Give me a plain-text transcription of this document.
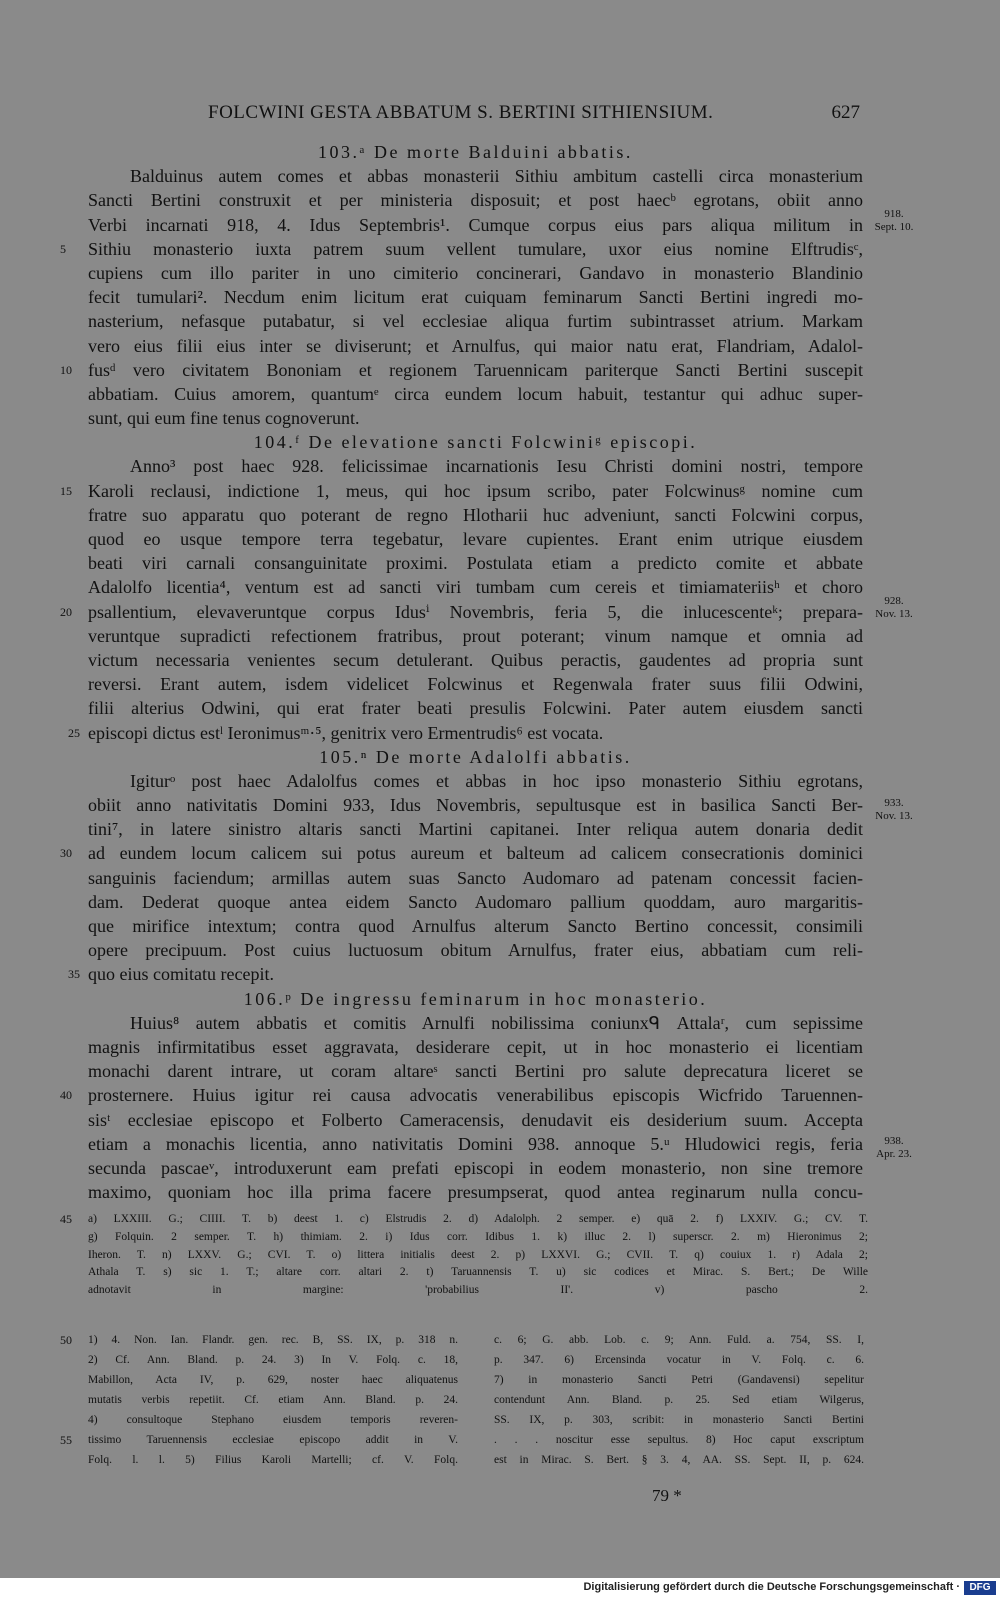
FOLCWINI GESTA ABBATUM S. BERTINI SITHIENSIUM.	627
103.ᵃ De morte Balduini abbatis.
Balduinus autem comes et abbas monasterii Sithiu ambitum castelli circa monasterium
Sancti Bertini construxit et per ministeria disposuit; et post haecᵇ egrotans, obiit anno
Verbi incarnati 918, 4. Idus Septembris¹. Cumque corpus eius pars aliqua militum in
Sithiu monasterio iuxta patrem suum vellent tumulare, uxor eius nomine Elftrudisᶜ,
5
cupiens cum illo pariter in uno cimiterio concinerari, Gandavo in monasterio Blandinio
fecit tumulari². Necdum enim licitum erat cuiquam feminarum Sancti Bertini ingredi mo-
nasterium, nefasque putabatur, si vel ecclesiae aliqua furtim subintrasset atrium. Markam
vero eius filii eius inter se diviserunt; et Arnulfus, qui maior natu erat, Flandriam, Adalol-
fusᵈ vero civitatem Bononiam et regionem Taruennicam pariterque Sancti Bertini suscepit
10
abbatiam. Cuius amorem, quantumᵉ circa eundem locum habuit, testantur qui adhuc super-
sunt, qui eum fine tenus cognoverunt.
104.ᶠ De elevatione sancti Folcwiniᵍ episcopi.
Anno³ post haec 928. felicissimae incarnationis Iesu Christi domini nostri, tempore
Karoli reclausi, indictione 1, meus, qui hoc ipsum scribo, pater Folcwinusᵍ nomine cum
15
fratre suo apparatu quo poterant de regno Hlotharii huc adveniunt, sancti Folcwini corpus,
quod eo usque tempore terra tegebatur, levare cupientes. Erant enim utrique eiusdem
beati viri carnali consanguinitate proximi. Postulata etiam a predicto comite et abbate
Adalolfo licentia⁴, ventum est ad sancti viri tumbam cum cereis et timiamateriisʰ et choro
psallentium, elevaveruntque corpus Idusⁱ Novembris, feria 5, die inlucescenteᵏ; prepara-
20
veruntque supradicti refectionem fratribus, prout poterant; vinum namque et omnia ad
victum necessaria venientes secum detulerant. Quibus peractis, gaudentes ad propria sunt
reversi. Erant autem, isdem videlicet Folcwinus et Regenwala frater suus filii Odwini,
filii alterius Odwini, qui erat frater beati presulis Folcwini. Pater autem eiusdem sancti
episcopi dictus estˡ Ieronimusᵐ·⁵, genitrix vero Ermentrudis⁶ est vocata.
25
105.ⁿ De morte Adalolfi abbatis.
Igiturᵒ post haec Adalolfus comes et abbas in hoc ipso monasterio Sithiu egrotans,
obiit anno nativitatis Domini 933, Idus Novembris, sepultusque est in basilica Sancti Ber-
tini⁷, in latere sinistro altaris sancti Martini capitanei. Inter reliqua autem donaria dedit
ad eundem locum calicem sui potus aureum et balteum ad calicem consecrationis dominici
30
sanguinis faciendum; armillas autem suas Sancto Audomaro ad patenam concessit facien-
dam. Dederat quoque antea eidem Sancto Audomaro pallium quoddam, auro margaritis-
que mirifice intextum; contra quod Arnulfus alterum Sancto Bertino concessit, consimili
opere precipuum. Post cuius luctuosum obitum Arnulfus, frater eius, abbatiam cum reli-
quo eius comitatu recepit.
35
106.ᵖ De ingressu feminarum in hoc monasterio.
Huius⁸ autem abbatis et comitis Arnulfi nobilissima coniunxᑫ Attalaʳ, cum sepissime
magnis infirmitatibus esset aggravata, desiderare cepit, ut in hoc monasterio ei licentiam
monachi darent intrare, ut coram altareˢ sancti Bertini pro salute deprecatura liceret se
prosternere. Huius igitur rei causa advocatis venerabilibus episcopis Wicfrido Taruennen-
40
sisᵗ ecclesiae episcopo et Folberto Cameracensis, denudavit eis desiderium suum. Accepta
etiam a monachis licentia, anno nativitatis Domini 938. annoque 5.ᵘ Hludowici regis, feria
secunda pascaeᵛ, introduxerunt eam prefati episcopi in eodem monasterio, non sine tremore
maximo, quoniam hoc illa prima facere presumpserat, quod antea reginarum nulla concu-
918.
Sept. 10.
928.
Nov. 13.
933.
Nov. 13.
938.
Apr. 23.
a) LXXIII. G.; CIIII. T. b) deest 1. c) Elstrudis 2. d) Adalolph. 2 semper. e) quā 2. f) LXXIV. G.; CV. T.
45
g) Folquin. 2 semper. T. h) thimiam. 2. i) Idus corr. Idibus 1. k) illuc 2. l) superscr. 2. m) Hieronimus 2;
Iheron. T. n) LXXV. G.; CVI. T. o) littera initialis deest 2. p) LXXVI. G.; CVII. T. q) couiux 1. r) Adala 2;
Athala T. s) sic 1. T.; altare corr. altari 2. t) Taruannensis T. u) sic codices et Mirac. S. Bert.; De Wille
adnotavit in margine: 'probabilius II'. v) pascho 2.
1) 4. Non. Ian. Flandr. gen. rec. B, SS. IX, p. 318 n.
50
2) Cf. Ann. Bland. p. 24. 3) In V. Folq. c. 18,
Mabillon, Acta IV, p. 629, noster haec aliquatenus
mutatis verbis repetiit. Cf. etiam Ann. Bland. p. 24.
4) consultoque Stephano eiusdem temporis reveren-
tissimo Taruennensis ecclesiae episcopo addit in V.
55
Folq. l. l. 5) Filius Karoli Martelli; cf. V. Folq.
c. 6; G. abb. Lob. c. 9; Ann. Fuld. a. 754, SS. I,
p. 347. 6) Ercensinda vocatur in V. Folq. c. 6.
7) in monasterio Sancti Petri (Gandavensi) sepelitur
contendunt Ann. Bland. p. 25. Sed etiam Wilgerus,
SS. IX, p. 303, scribit: in monasterio Sancti Bertini
. . . noscitur esse sepultus. 8) Hoc caput exscriptum
est in Mirac. S. Bert. § 3. 4, AA. SS. Sept. II, p. 624.
79 *
Digitalisierung gefördert durch die Deutsche Forschungsgemeinschaft · DFG
